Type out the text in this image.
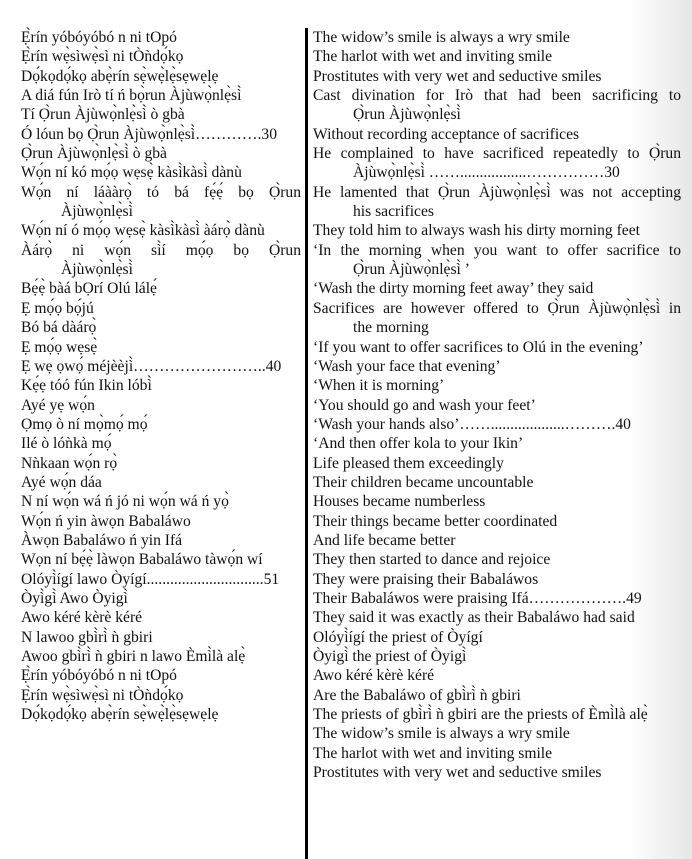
Ẹ̀rín yóbóyóbó n ni tOpó
Ẹ̀rín wẹ̀sìwẹ̀sì ni tÒǹdọ́kọ
Dọ́kọdọ́kọ abẹ̀rín sẹ̀wẹ̀lẹ̀sẹwẹlẹ
A diá fún Irò tí ń bọ̀run Àjùwọ̀nlẹ̀sì̀
Tí Ọ̀run Àjùwọ̀nlẹ̀sì̀ ò gbà
Ó lóun bọ Ọ̀run Àjùwọ̀nlẹ̀sì̀………….30
Ọ̀run Àjùwọ̀nlẹ̀sì̀ ò gbà
Wọ́n ní kó mọ́ọ wẹsẹ̀ kàsì̀kàsì̀ dànù
Wọ́n ní láààrọ̀ tó bá fẹ́ẹ́ bọ Ọ̀run
Àjùwọ̀nlẹ̀sì̀
Wọ́n ní ó mọ́ọ wẹsẹ̀ kàsì̀kàsì̀ àárọ̀ dànù
Àárọ̀ ni wọ́n sì̀í mọ́ọ bọ Ọ̀run
Àjùwọ̀nlẹ̀sì̀
Bẹ́ẹ̀ bàá bỌrí Olú lálẹ́
Ẹ mọ́ọ bọ́jú
Bó bá dàárọ̀
Ẹ mọ́ọ wẹsẹ̀
Ẹ wẹ ọwọ́ méjèèjì̀……………………..40
Kẹ́ẹ tóó fún Ikin lóbì̀
Ayé yẹ wọ́n
Ọmọ ò ní mọ̀mọ́ mọ́
Ilé ò lóǹkà mọ́
Nǹkaan wọ́n rọ̀
Ayé wọ́n dáa
N ní wọ́n wá ń jó ni wọ́n wá ń yọ̀
Wọ́n ń yin àwọn Babaláwo
Àwọn Babaláwo ń yin Ifá
Wọn ní bẹ́ẹ̀ làwọn Babaláwo tàwọ́n wí
Olóyì̀ígí lawo Òyígí..............................51
Òyì̀gì̀ Awo Òyigì̀
Awo kéré kèrè kéré
N lawoo gbì̀rì̀ ǹ gbiri
Awoo gbì̀rì̀ ǹ gbiri n lawo Èmì̀là alẹ̀
Ẹ̀rín yóbóyóbó n ni tOpó
Ẹ̀rín wẹ̀sìwẹ̀sì ni tÒǹdọ́kọ
Dọ́kọdọ́kọ abẹ̀rín sẹ̀wẹ̀lẹ̀sẹwẹlẹ
The widow’s smile is always a wry smile
The harlot with wet and inviting smile
Prostitutes with very wet and seductive smiles
Cast divination for Irò that had been sacrificing to
Ọ̀run Àjùwọ̀nlẹ̀sì̀
Without recording acceptance of sacrifices
He complained to have sacrificed repeatedly to Ọ̀run
Àjùwọ̀nlẹ̀sì̀ …….................……………30
He lamented that Ọ̀run Àjùwọ̀nlẹ̀sì̀ was not accepting
his sacrifices
They told him to always wash his dirty morning feet
‘In the morning when you want to offer sacrifice to
Ọ̀run Àjùwọ̀nlẹ̀sì̀ ’
‘Wash the dirty morning feet away’ they said
Sacrifices are however offered to Ọ̀run Àjùwọ̀nlẹ̀sì̀ in
the morning
‘If you want to offer sacrifices to Olú in the evening’
‘Wash your face that evening’
‘When it is morning’
‘You should go and wash your feet’
‘Wash your hands also’……...................……….40
‘And then offer kola to your Ikin’
Life pleased them exceedingly
Their children became uncountable
Houses became numberless
Their things became better coordinated
And life became better
They then started to dance and rejoice
They were praising their Babaláwos
Their Babaláwos were praising Ifá……………….49
They said it was exactly as their Babaláwo had said
Olóyì̀ígí the priest of Òyígí
Òyigì̀ the priest of Òyigì̀
Awo kéré kèrè kéré
Are the Babaláwo of gbì̀rì̀ ǹ gbiri
The priests of gbì̀rì̀ ǹ gbiri are the priests of Èmì̀là alẹ̀
The widow’s smile is always a wry smile
The harlot with wet and inviting smile
Prostitutes with very wet and seductive smiles
